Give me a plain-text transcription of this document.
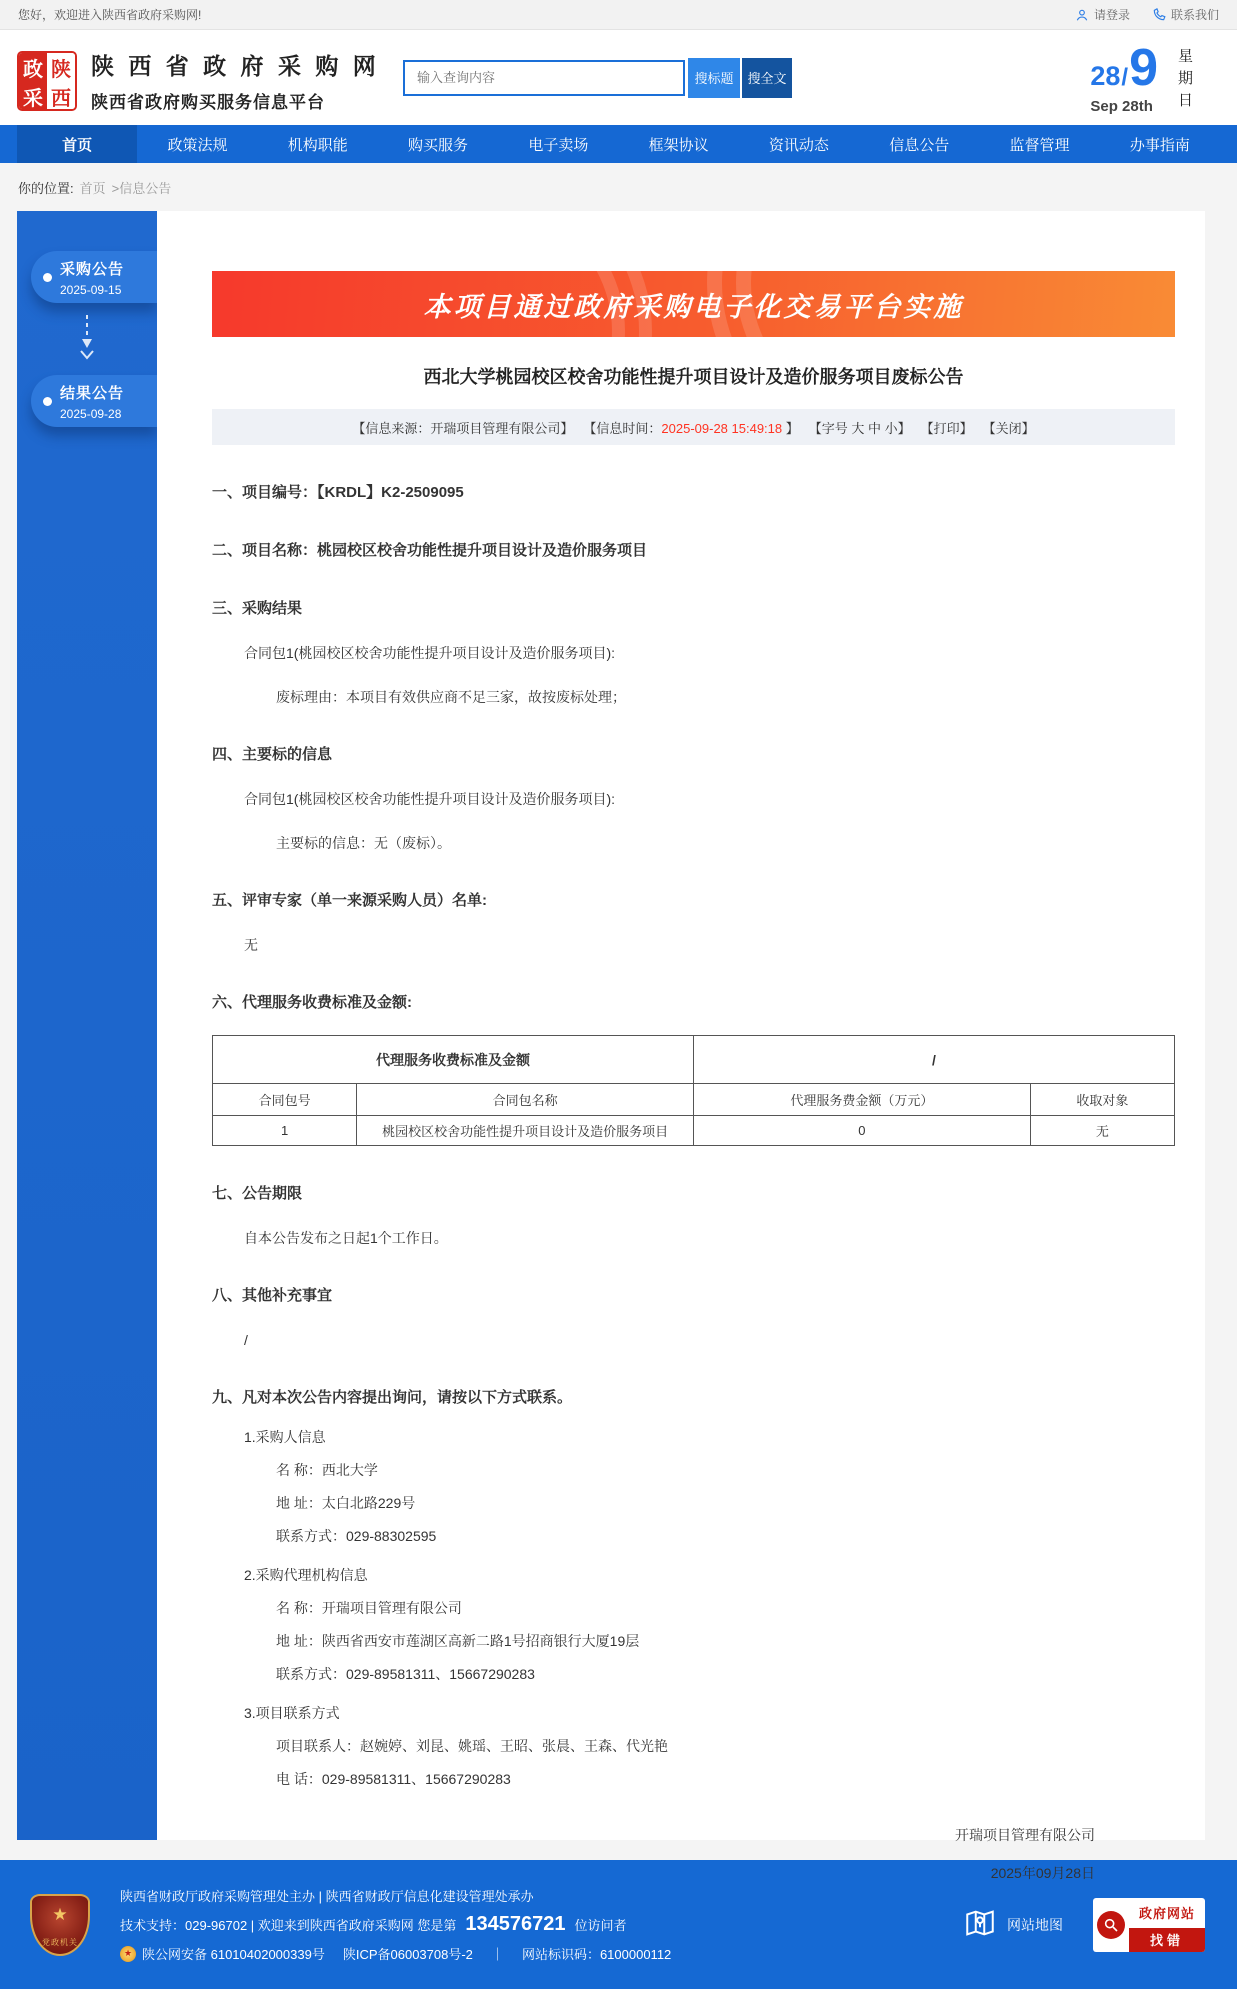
您好，欢迎进入陕西省政府采购网!	请登录	联系我们
政 陕
采 西
陕 西 省 政 府 采 购 网
陕西省政府购买服务信息平台
输入查询内容
搜标题	搜全文	28 / 9
Sep 28th	星期日
首页	政策法规	机构职能	购买服务	电子卖场	框架协议	资讯动态	信息公告	监督管理	办事指南
你的位置: 首页 >信息公告
采购公告
2025-09-15
结果公告
2025-09-28
本项目通过政府采购电子化交易平台实施
西北大学桃园校区校舍功能性提升项目设计及造价服务项目废标公告
【信息来源：开瑞项目管理有限公司】 【信息时间：2025-09-28 15:49:18 】 【字号 大 中 小】 【打印】 【关闭】
一、项目编号：【KRDL】K2-2509095
二、项目名称：桃园校区校舍功能性提升项目设计及造价服务项目
三、采购结果
合同包1(桃园校区校舍功能性提升项目设计及造价服务项目):
废标理由：本项目有效供应商不足三家，故按废标处理；
四、主要标的信息
合同包1(桃园校区校舍功能性提升项目设计及造价服务项目):
主要标的信息：无（废标）。
五、评审专家（单一来源采购人员）名单:
无
六、代理服务收费标准及金额:
代理服务收费标准及金额		/	
合同包号	合同包名称	代理服务费金额（万元）	收取对象
1	桃园校区校舍功能性提升项目设计及造价服务项目	0	无
七、公告期限
自本公告发布之日起1个工作日。
八、其他补充事宜
/
九、凡对本次公告内容提出询问，请按以下方式联系。
1.采购人信息
名 称：西北大学
地 址：太白北路229号
联系方式：029-88302595
2.采购代理机构信息
名 称：开瑞项目管理有限公司
地 址：陕西省西安市莲湖区高新二路1号招商银行大厦19层
联系方式：029-89581311、15667290283
3.项目联系方式
项目联系人：赵婉婷、刘昆、姚瑶、王昭、张晨、王森、代光艳
电 话：029-89581311、15667290283
开瑞项目管理有限公司
2025年09月28日
★
党政机关
陕西省财政厅政府采购管理处主办 | 陕西省财政厅信息化建设管理处承办
技术支持：029-96702 | 欢迎来到陕西省政府采购网 您是第 134576721 位访问者
★ 陕公网安备 61010402000339号 陕ICP备06003708号-2 ｜ 网站标识码：6100000112
网站地图
政府网站
找错
